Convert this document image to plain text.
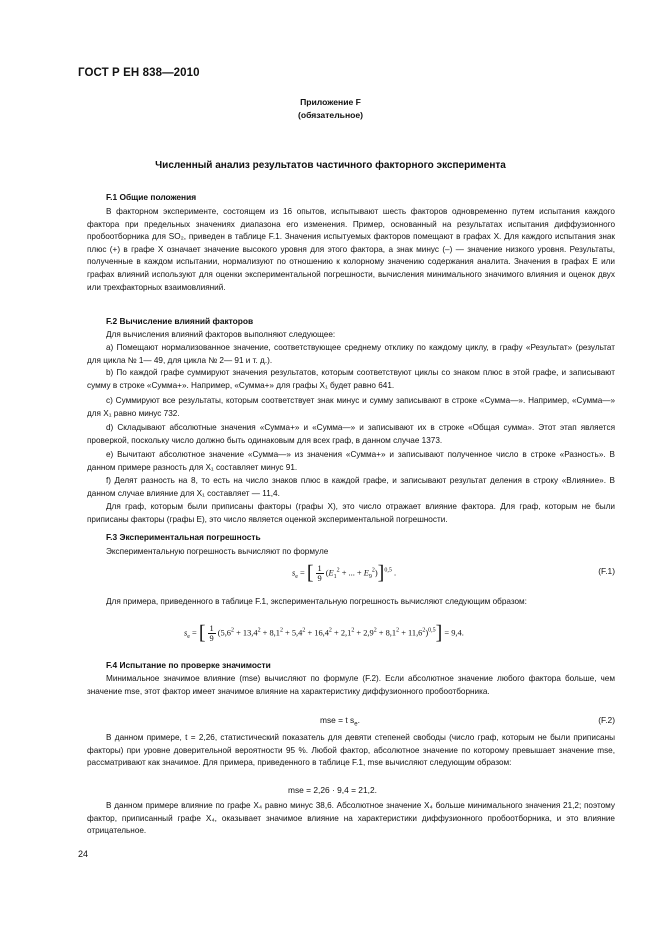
ГОСТ Р ЕН 838—2010
Приложение F
(обязательное)
Численный анализ результатов частичного факторного эксперимента
F.1 Общие положения

В факторном эксперименте, состоящем из 16 опытов, испытывают шесть факторов одновременно путем испытания каждого фактора при предельных значениях диапазона его изменения. Пример, основанный на результатах испытания диффузионного пробоотборника для SO₂, приведен в таблице F.1. Значения испытуемых факторов помещают в графах X. Для каждого испытания знак плюс (+) в графе X означает значение высокого уровня для этого фактора, а знак минус (–) — значение низкого уровня. Результаты, полученные в каждом испытании, нормализуют по отношению к колорному значению содержания аналита. Значения в графах E или графах влияний используют для оценки экспериментальной погрешности, вычисления минимального значимого влияния и оценок двух или трехфакторных взаимовлияний.

F.2 Вычисление влияний факторов

Для вычисления влияний факторов выполняют следующее:

a) Помещают нормализованное значение, соответствующее среднему отклику по каждому циклу, в графу «Результат» (результат для цикла № 1— 49, для цикла № 2— 91 и т. д.).

b) По каждой графе суммируют значения результатов, которым соответствуют циклы со знаком плюс в этой графе, и записывают сумму в строке «Сумма+». Например, «Сумма+» для графы X₁ будет равно 641.

c) Суммируют все результаты, которым соответствует знак минус и сумму записывают в строке «Сумма—». Например, «Сумма—» для X₁ равно минус 732.

d) Складывают абсолютные значения «Сумма+» и «Сумма—» и записывают их в строке «Общая сумма». Этот этап является проверкой, поскольку число должно быть одинаковым для всех граф, в данном случае 1373.

e) Вычитают абсолютное значение «Сумма—» из значения «Сумма+» и записывают полученное число в строке «Разность». В данном примере разность для X₁ составляет минус 91.

f) Делят разность на 8, то есть на число знаков плюс в каждой графе, и записывают результат деления в строку «Влияние». В данном случае влияние для X₁ составляет — 11,4.

Для граф, которым были приписаны факторы (графы X), это число отражает влияние фактора. Для граф, которым не были приписаны факторы (графы E), это число является оценкой экспериментальной погрешности.

F.3 Экспериментальная погрешность

Экспериментальную погрешность вычисляют по формуле

$s_e$ = [ $\frac{1}{9} (E_1^2$ + ... + $E_9^2)]^{0,5}$ .	(F.1)

Для примера, приведенного в таблице F.1, экспериментальную погрешность вычисляют следующим образом:

$s_e$ = [ $\frac{1}{9} (5,6^2 + 13,4^2 + 8,1^2 + 5,4^2 + 16,4^2 + 2,1^2 + 2,9^2 + 8,1^2 + 11,6^2)^{0,5}] = 9,4$.
F.4 Испытание по проверке значимости

Минимальное значимое влияние (mse) вычисляют по формуле (F.2). Если абсолютное значение любого фактора больше, чем значение mse, этот фактор имеет значимое влияние на характеристику диффузионного пробоотборника.

mse = t $s_e$.	(F.2)

В данном примере, t = 2,26, статистический показатель для девяти степеней свободы (число граф, которым не были приписаны факторы) при уровне доверительной вероятности 95 %. Любой фактор, абсолютное значение по которому превышает значение mse, рассматривают как значимое. Для примера, приведенного в таблице F.1, mse вычисляют следующим образом:

mse = 2,26 · 9,4 = 21,2.

В данном примере влияние по графе X₄ равно минус 38,6. Абсолютное значение X₄ больше минимального значения 21,2; поэтому фактор, приписанный графе X₄, оказывает значимое влияние на характеристики диффузионного пробоотборника, и это влияние отрицательное.

24
